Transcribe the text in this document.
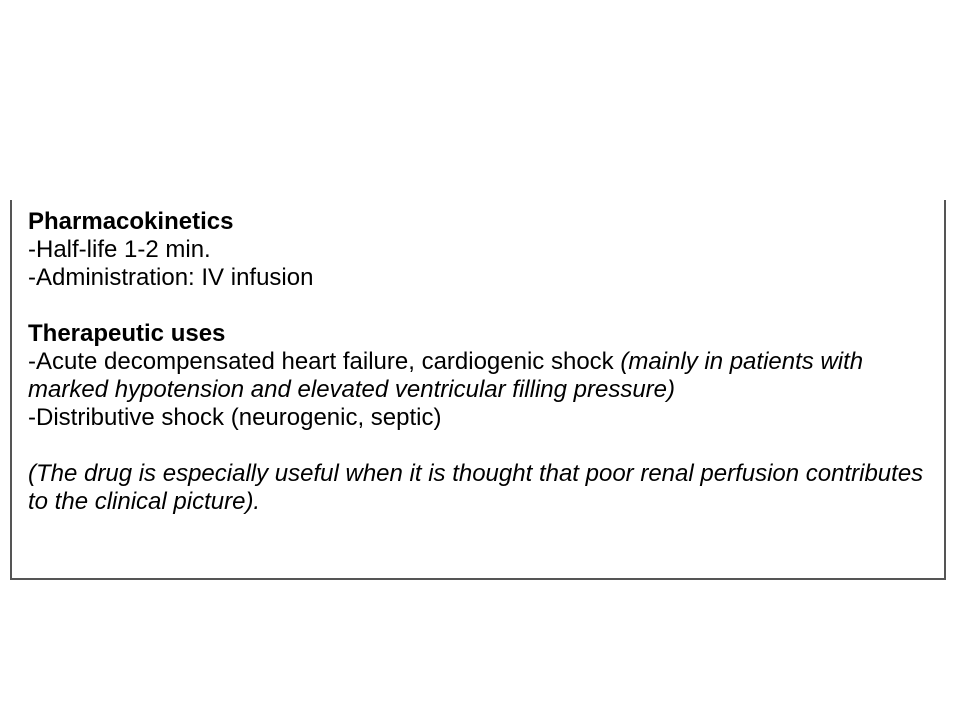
Pharmacokinetics
-Half-life 1-2 min.
-Administration: IV infusion
Therapeutic uses
-Acute decompensated heart failure, cardiogenic shock (mainly in patients with marked hypotension and elevated ventricular filling pressure)
-Distributive shock (neurogenic, septic)
(The drug is especially useful when it is thought that poor renal perfusion contributes to the clinical picture).
